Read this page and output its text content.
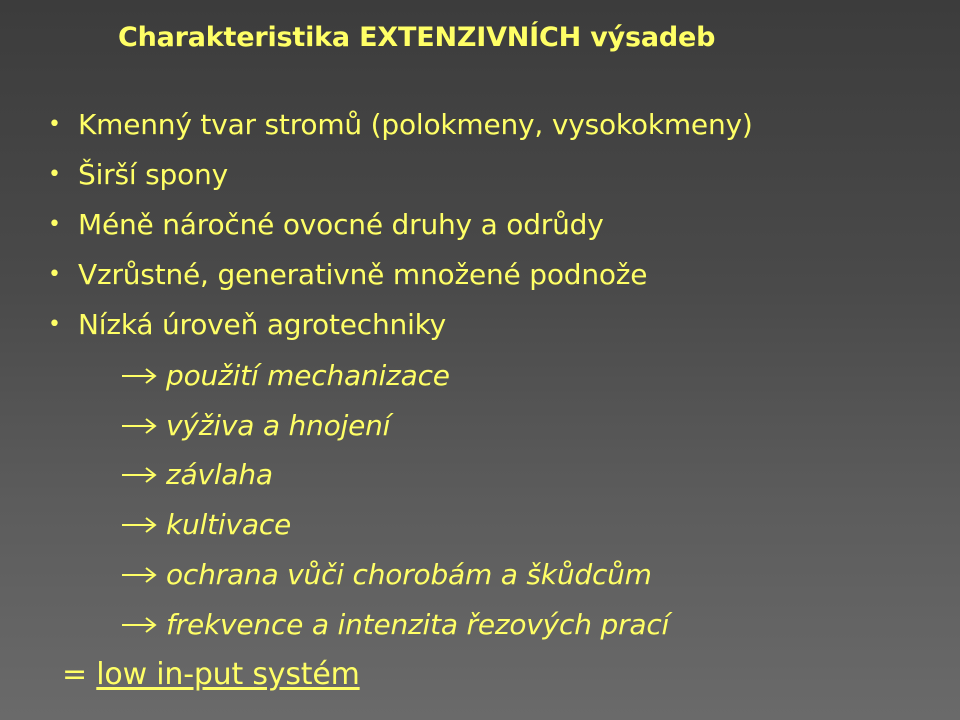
Charakteristika EXTENZIVNÍCH výsadeb
• Kmenný tvar stromů (polokmeny, vysokokmeny)
• Širší spony
• Méně náročné ovocné druhy a odrůdy
• Vzrůstné, generativně množené podnože
• Nízká úroveň agrotechniky
použití mechanizace
výživa a hnojení
závlaha
kultivace
ochrana vůči chorobám a škůdcům
frekvence a intenzita řezových prací
= low in-put systém
